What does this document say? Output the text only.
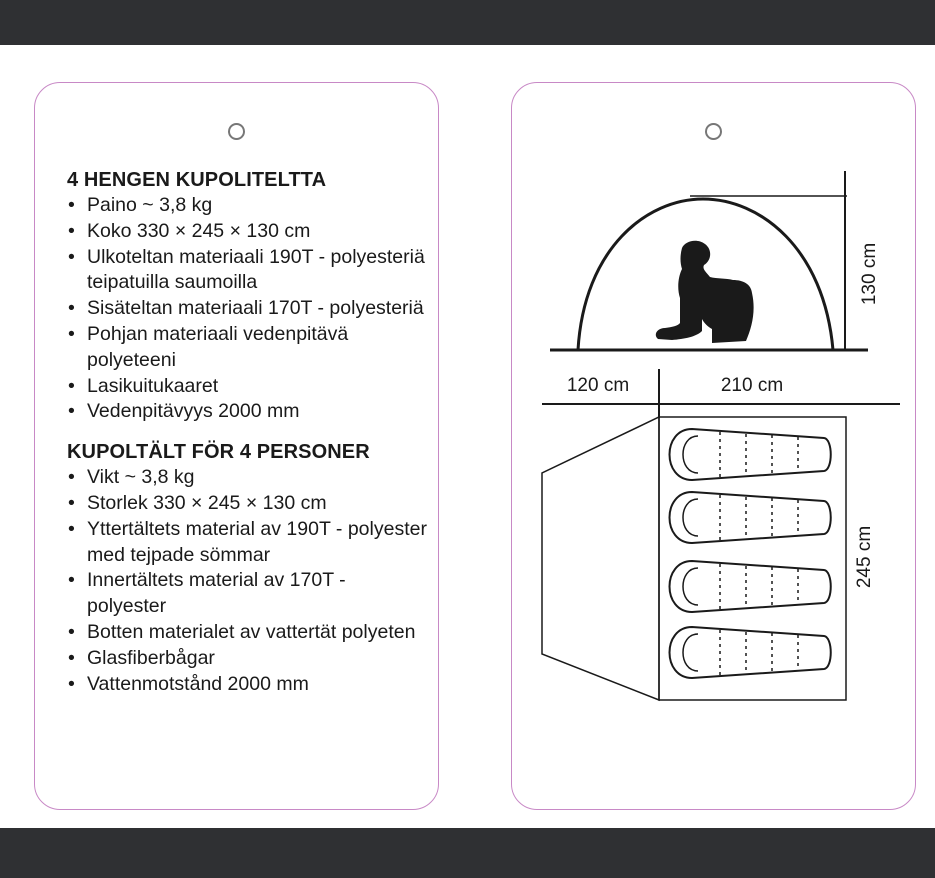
4 HENGEN KUPOLITELTTA
• Paino ~ 3,8 kg
• Koko 330 × 245 × 130 cm
• Ulkoteltan materiaali 190T - polyesteriä teipatuilla saumoilla
• Sisäteltan materiaali 170T - polyesteriä
• Pohjan materiaali vedenpitävä polyeteeni
• Lasikuitukaaret
• Vedenpitävyys 2000 mm
KUPOLTÄLT FÖR 4 PERSONER
• Vikt ~ 3,8 kg
• Storlek 330 × 245 × 130 cm
• Yttertältets material av 190T - polyester med tejpade sömmar
• Innertältets material av 170T - polyester
• Botten materialet av vattertät polyeten
• Glasfiberbågar
• Vattenmotstånd 2000 mm
130 cm
120 cm	210 cm
245 cm
